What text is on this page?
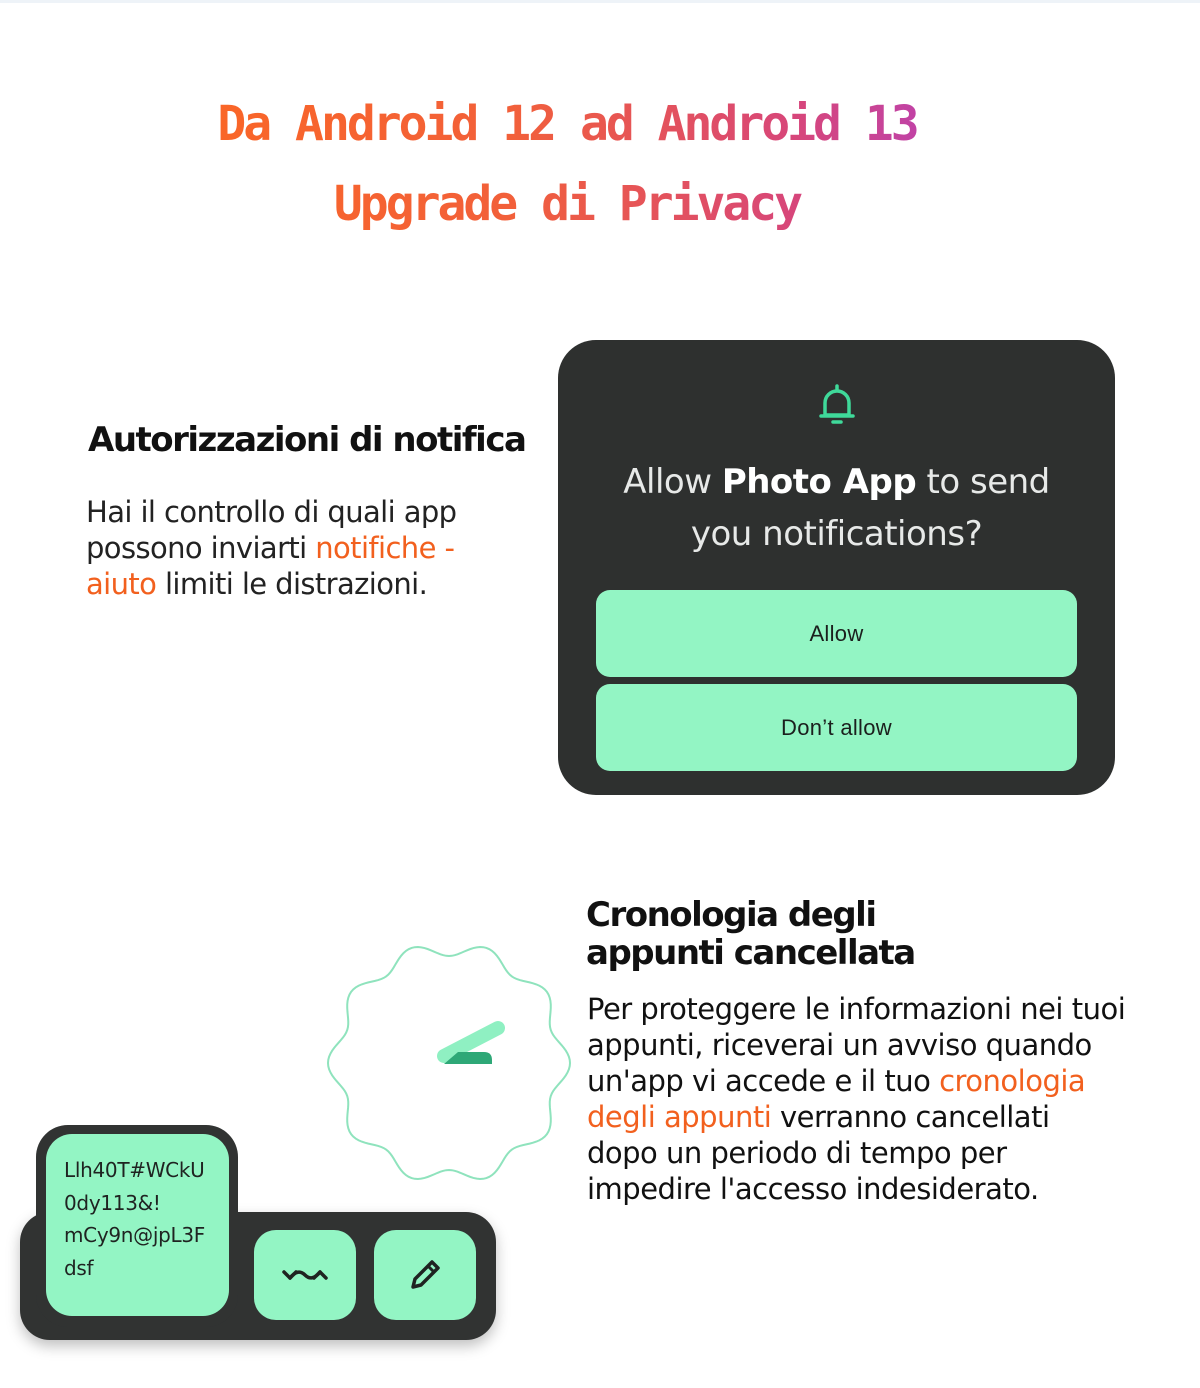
Da Android 12 ad Android 13
Upgrade di Privacy
Autorizzazioni di notifica
Hai il controllo di quali app possono inviarti notifiche - aiuto limiti le distrazioni.
Allow Photo App to send you notifications?
Allow
Don’t allow
Cronologia degli appunti cancellata
Per proteggere le informazioni nei tuoi appunti, riceverai un avviso quando un'app vi accede e il tuo cronologia degli appunti verranno cancellati dopo un periodo di tempo per impedire l'accesso indesiderato.
Llh40T#WCkU
0dy113&!
mCy9n@jpL3F
dsf
